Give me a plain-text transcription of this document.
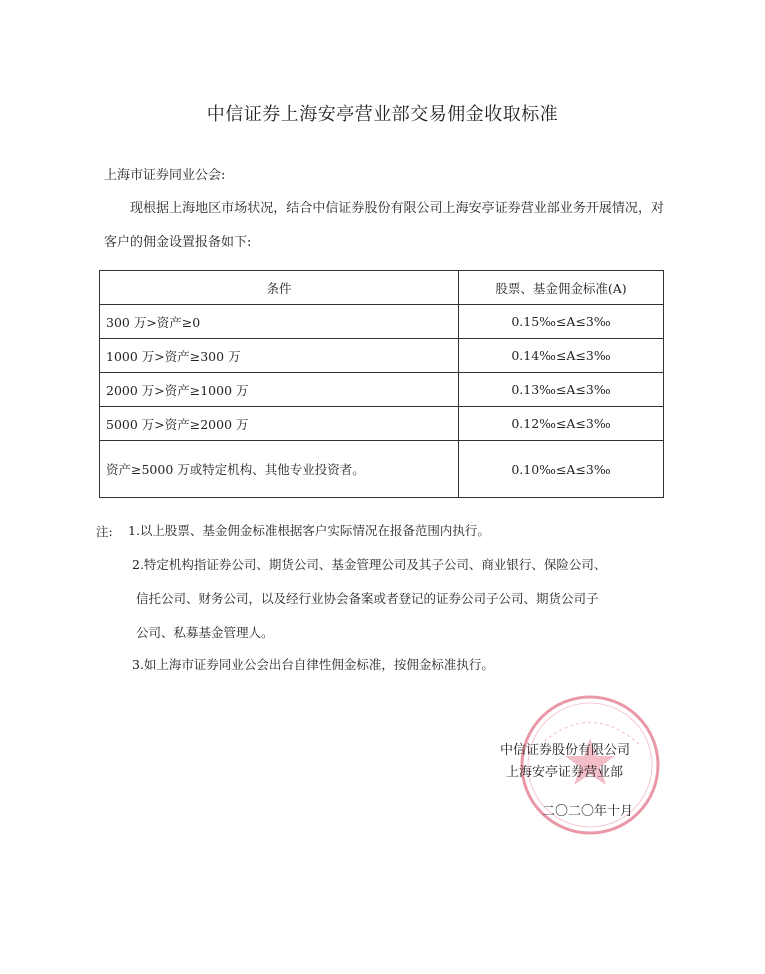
中信证券上海安亭营业部交易佣金收取标准
上海市证券同业公会:
现根据上海地区市场状况，结合中信证券股份有限公司上海安亭证券营业部业务开展情况，对客户的佣金设置报备如下:
条件	股票、基金佣金标准(A)
300 万>资产≥0	0.15‰≤A≤3‰
1000 万>资产≥300 万	0.14‰≤A≤3‰
2000 万>资产≥1000 万	0.13‰≤A≤3‰
5000 万>资产≥2000 万	0.12‰≤A≤3‰
资产≥5000 万或特定机构、其他专业投资者。	0.10‰≤A≤3‰
注: 1.以上股票、基金佣金标准根据客户实际情况在报备范围内执行。
2.特定机构指证券公司、期货公司、基金管理公司及其子公司、商业银行、保险公司、
信托公司、财务公司，以及经行业协会备案或者登记的证券公司子公司、期货公司子
公司、私募基金管理人。
3.如上海市证券同业公会出台自律性佣金标准，按佣金标准执行。
中信证券股份有限公司
上海安亭证券营业部
二〇二〇年十月
